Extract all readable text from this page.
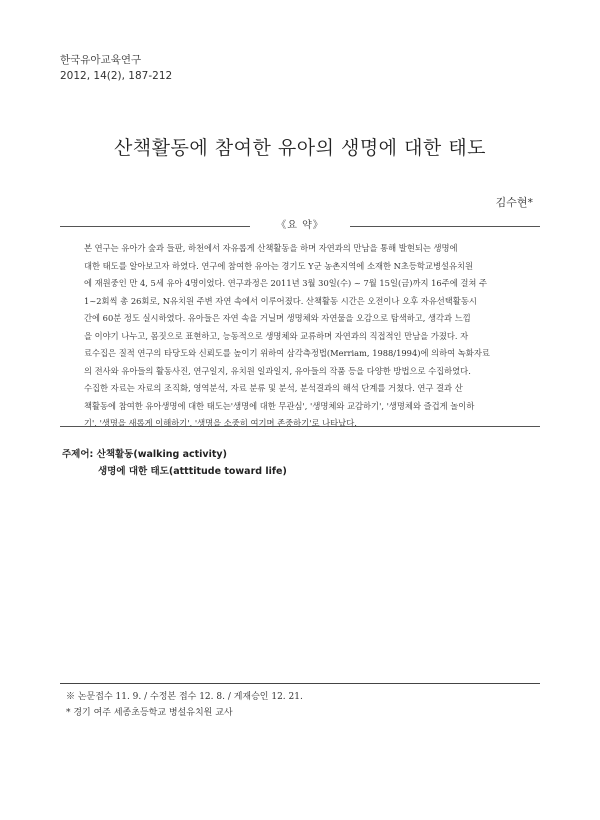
한국유아교육연구
2012, 14(2), 187-212
산책활동에 참여한 유아의 생명에 대한 태도
김수현*
《요 약》
본 연구는 유아가 숲과 들판, 하천에서 자유롭게 산책활동을 하며 자연과의 만남을 통해 발현되는 생명에
대한 태도를 알아보고자 하였다. 연구에 참여한 유아는 경기도 Y군 농촌지역에 소재한 N초등학교병설유치원
에 재원중인 만 4, 5세 유아 4명이었다. 연구과정은 2011년 3월 30일(수) ~ 7월 15일(금)까지 16주에 걸쳐 주
1~2회씩 총 26회로, N유치원 주변 자연 속에서 이루어졌다. 산책활동 시간은 오전이나 오후 자유선택활동시
간에 60분 정도 실시하였다. 유아들은 자연 속을 거닐며 생명체와 자연물을 오감으로 탐색하고, 생각과 느낌
을 이야기 나누고, 몸짓으로 표현하고, 능동적으로 생명체와 교류하며 자연과의 직접적인 만남을 가졌다. 자
료수집은 질적 연구의 타당도와 신뢰도를 높이기 위하여 삼각측정법(Merriam, 1988/1994)에 의하여 녹화자료
의 전사와 유아들의 활동사진, 연구일지, 유치원 일과일지, 유아들의 작품 등을 다양한 방법으로 수집하였다.
수집한 자료는 자료의 조직화, 영역분석, 자료 분류 및 분석, 분석결과의 해석 단계를 거쳤다. 연구 결과 산
책활동에 참여한 유아생명에 대한 태도는'생명에 대한 무관심', '생명체와 교감하기', '생명체와 즐겁게 놀이하
기', '생명을 새롭게 이해하기', '생명을 소중히 여기며 존중하기'로 나타났다.
주제어: 산책활동(walking activity)
생명에 대한 태도(atttitude toward life)
※ 논문접수 11. 9. / 수정본 접수 12. 8. / 게재승인 12. 21.
* 경기 여주 세종초등학교 병설유치원 교사
